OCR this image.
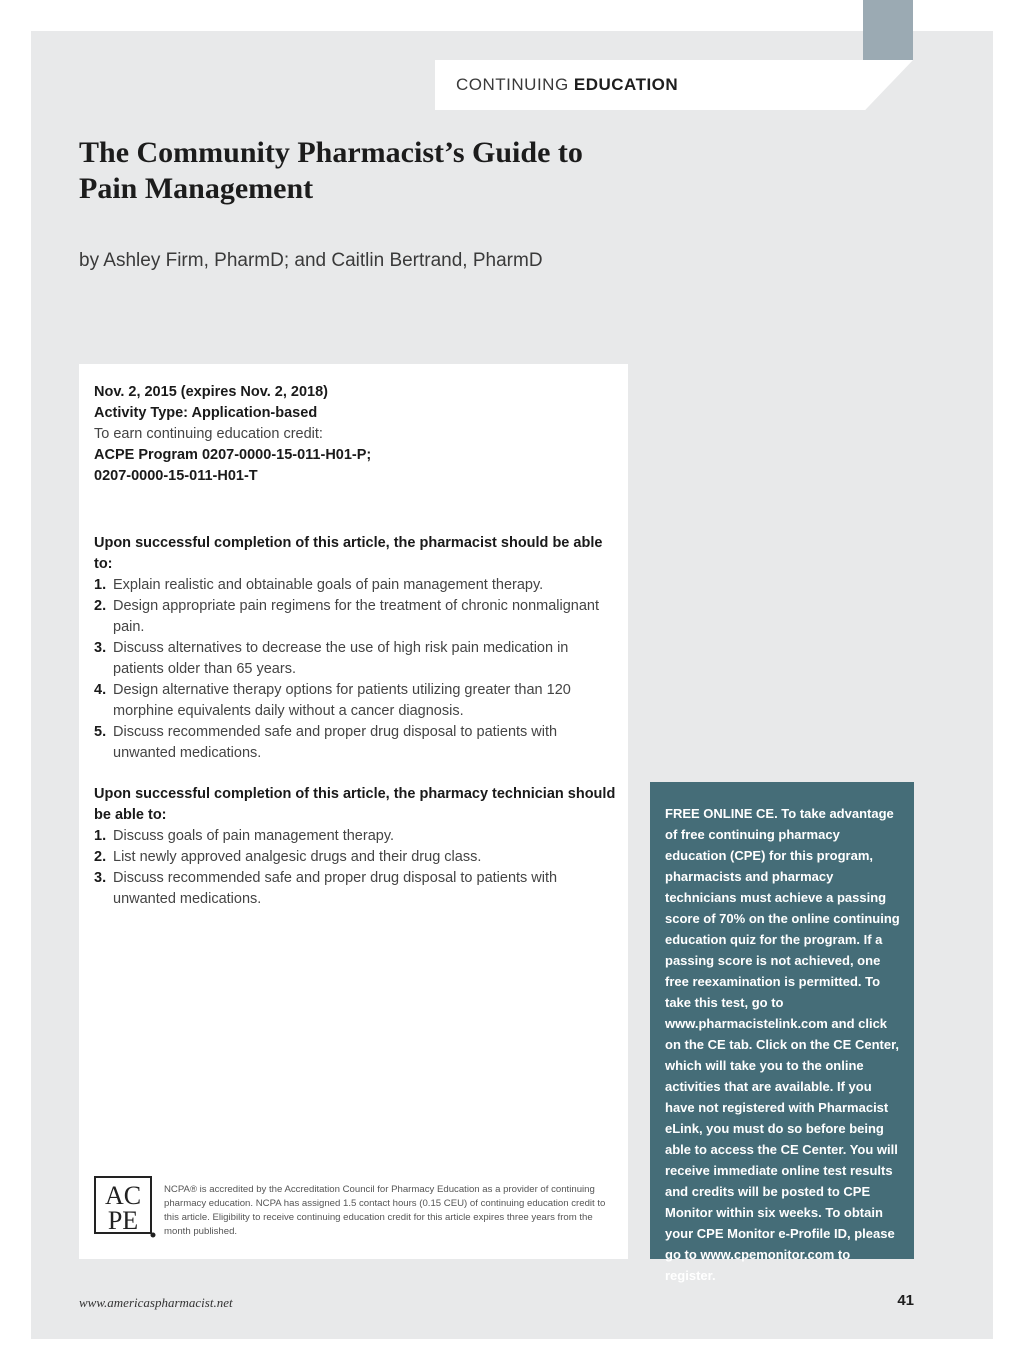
CONTINUING EDUCATION
The Community Pharmacist’s Guide to Pain Management
by Ashley Firm, PharmD; and Caitlin Bertrand, PharmD
Nov. 2, 2015 (expires Nov. 2, 2018)
Activity Type: Application-based
To earn continuing education credit:
ACPE Program 0207-0000-15-011-H01-P;
0207-0000-15-011-H01-T
Upon successful completion of this article, the pharmacist should be able to:
1. Explain realistic and obtainable goals of pain management therapy.
2. Design appropriate pain regimens for the treatment of chronic nonmalignant pain.
3. Discuss alternatives to decrease the use of high risk pain medication in patients older than 65 years.
4. Design alternative therapy options for patients utilizing greater than 120 morphine equivalents daily without a cancer diagnosis.
5. Discuss recommended safe and proper drug disposal to patients with unwanted medications.
Upon successful completion of this article, the pharmacy technician should be able to:
1. Discuss goals of pain management therapy.
2. List newly approved analgesic drugs and their drug class.
3. Discuss recommended safe and proper drug disposal to patients with unwanted medications.
AC
PE
NCPA® is accredited by the Accreditation Council for Pharmacy Education as a provider of continuing pharmacy education. NCPA has assigned 1.5 contact hours (0.15 CEU) of continuing education credit to this article. Eligibility to receive continuing education credit for this article expires three years from the month published.
FREE ONLINE CE. To take advantage of free continuing pharmacy education (CPE) for this program, pharmacists and pharmacy technicians must achieve a passing score of 70% on the online continuing education quiz for the program. If a passing score is not achieved, one free reexamination is permitted. To take this test, go to www.pharmacistelink.com and click on the CE tab. Click on the CE Center, which will take you to the online activities that are available. If you have not registered with Pharmacist eLink, you must do so before being able to access the CE Center. You will receive immediate online test results and credits will be posted to CPE Monitor within six weeks. To obtain your CPE Monitor e-Profile ID, please go to www.cpemonitor.com to register.
www.americaspharmacist.net	41
